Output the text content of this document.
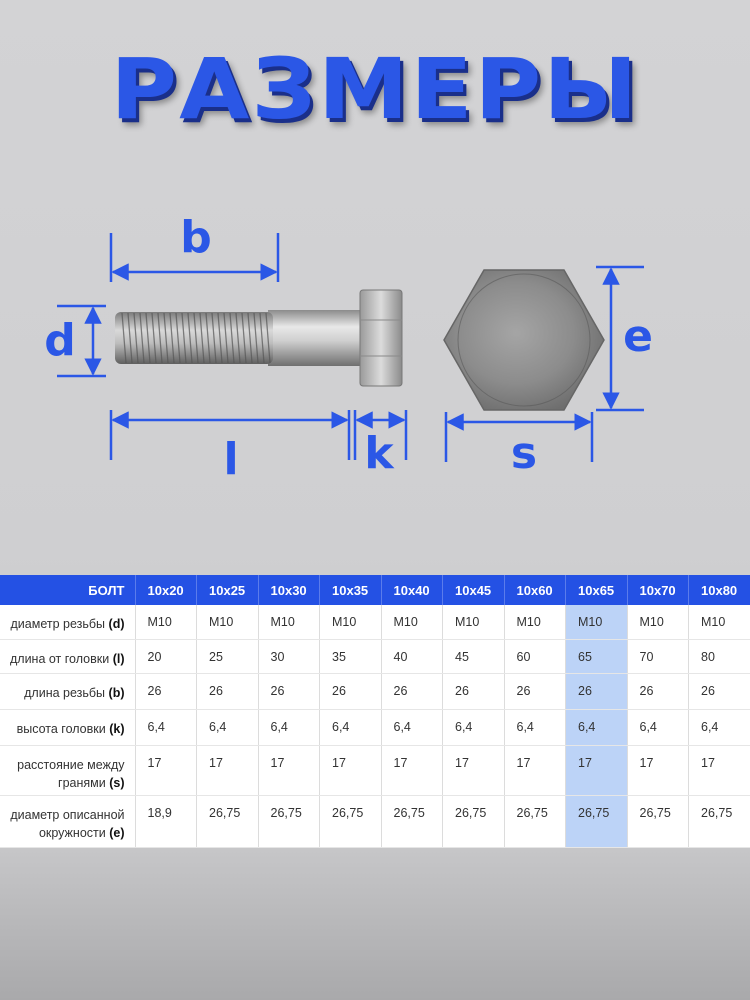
РАЗМЕРЫ
b
d
l	k	s
e
БОЛТ	10x20	10x25	10x30	10x35	10x40	10x45	10x60	10x65	10x70	10x80
диаметр резьбы (d)	M10	M10	M10	M10	M10	M10	M10	M10	M10	M10
длина от головки (l)	20	25	30	35	40	45	60	65	70	80
длина резьбы (b)	26	26	26	26	26	26	26	26	26	26
высота головки (k)	6,4	6,4	6,4	6,4	6,4	6,4	6,4	6,4	6,4	6,4
расстояние между
гранями (s)	17	17	17	17	17	17	17	17	17	17
диаметр описанной
окружности (e)	18,9	26,75	26,75	26,75	26,75	26,75	26,75	26,75	26,75	26,75
